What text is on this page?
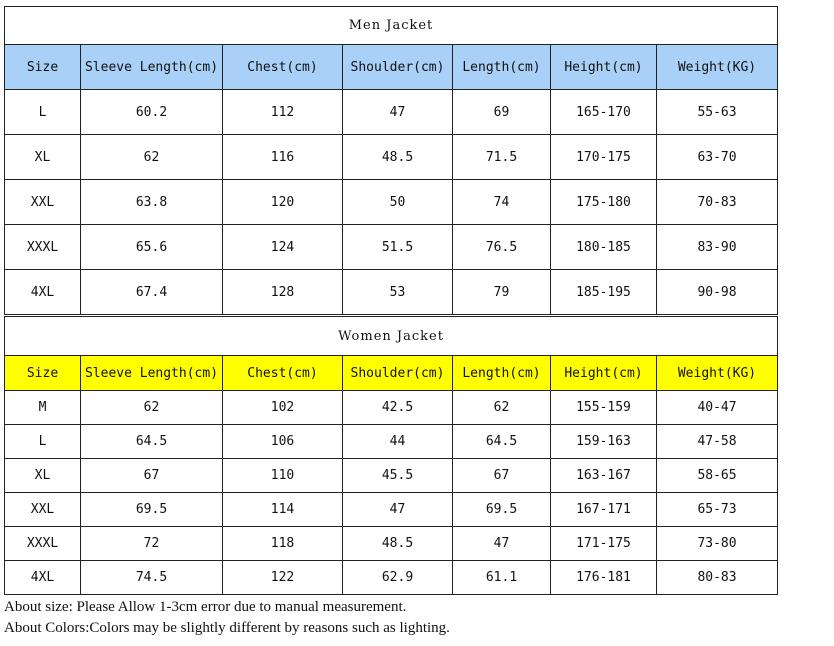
Men Jacket						
Size	Sleeve Length(cm)	Chest(cm)	Shoulder(cm)	Length(cm)	Height(cm)	Weight(KG)
L	60.2	112	47	69	165-170	55-63
XL	62	116	48.5	71.5	170-175	63-70
XXL	63.8	120	50	74	175-180	70-83
XXXL	65.6	124	51.5	76.5	180-185	83-90
4XL	67.4	128	53	79	185-195	90-98
Women Jacket						
Size	Sleeve Length(cm)	Chest(cm)	Shoulder(cm)	Length(cm)	Height(cm)	Weight(KG)
M	62	102	42.5	62	155-159	40-47
L	64.5	106	44	64.5	159-163	47-58
XL	67	110	45.5	67	163-167	58-65
XXL	69.5	114	47	69.5	167-171	65-73
XXXL	72	118	48.5	47	171-175	73-80
4XL	74.5	122	62.9	61.1	176-181	80-83
About size: Please Allow 1-3cm error due to manual measurement.
About Colors:Colors may be slightly different by reasons such as lighting.
